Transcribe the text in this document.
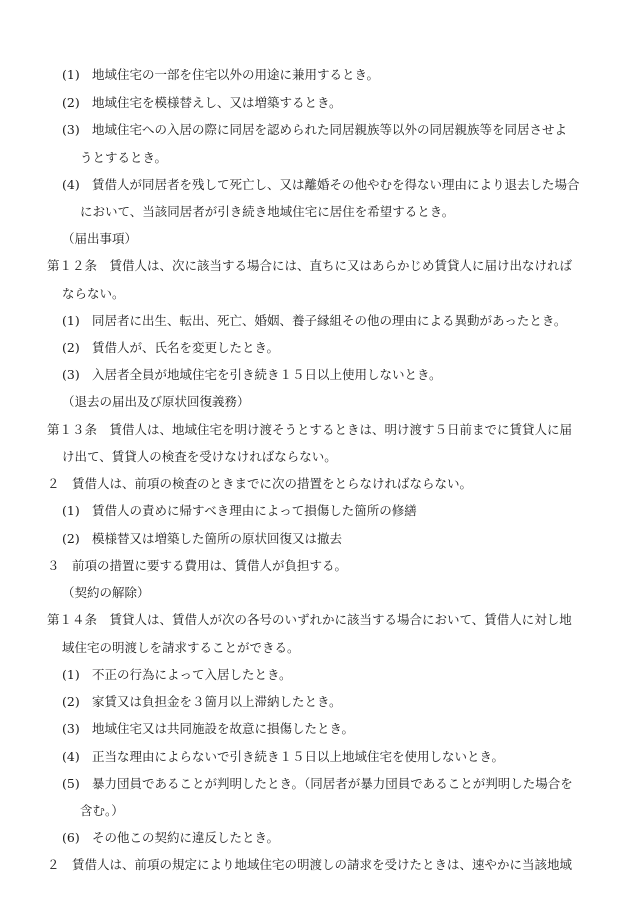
(1) 地域住宅の一部を住宅以外の用途に兼用するとき。
(2) 地域住宅を模様替えし、又は増築するとき。
(3) 地域住宅への入居の際に同居を認められた同居親族等以外の同居親族等を同居させよ
うとするとき。
(4) 賃借人が同居者を残して死亡し、又は離婚その他やむを得ない理由により退去した場合
において、当該同居者が引き続き地域住宅に居住を希望するとき。
（届出事項）
第１２条　賃借人は、次に該当する場合には、直ちに又はあらかじめ賃貸人に届け出なければ
ならない。
(1) 同居者に出生、転出、死亡、婚姻、養子縁組その他の理由による異動があったとき。
(2) 賃借人が、氏名を変更したとき。
(3) 入居者全員が地域住宅を引き続き１５日以上使用しないとき。
（退去の届出及び原状回復義務）
第１３条　賃借人は、地域住宅を明け渡そうとするときは、明け渡す５日前までに賃貸人に届
け出て、賃貸人の検査を受けなければならない。
２　賃借人は、前項の検査のときまでに次の措置をとらなければならない。
(1) 賃借人の責めに帰すべき理由によって損傷した箇所の修繕
(2) 模様替又は増築した箇所の原状回復又は撤去
３　前項の措置に要する費用は、賃借人が負担する。
（契約の解除）
第１４条　賃貸人は、賃借人が次の各号のいずれかに該当する場合において、賃借人に対し地
域住宅の明渡しを請求することができる。
(1) 不正の行為によって入居したとき。
(2) 家賃又は負担金を３箇月以上滞納したとき。
(3) 地域住宅又は共同施設を故意に損傷したとき。
(4) 正当な理由によらないで引き続き１５日以上地域住宅を使用しないとき。
(5) 暴力団員であることが判明したとき。（同居者が暴力団員であることが判明した場合を
含む。）
(6) その他この契約に違反したとき。
２　賃借人は、前項の規定により地域住宅の明渡しの請求を受けたときは、速やかに当該地域
